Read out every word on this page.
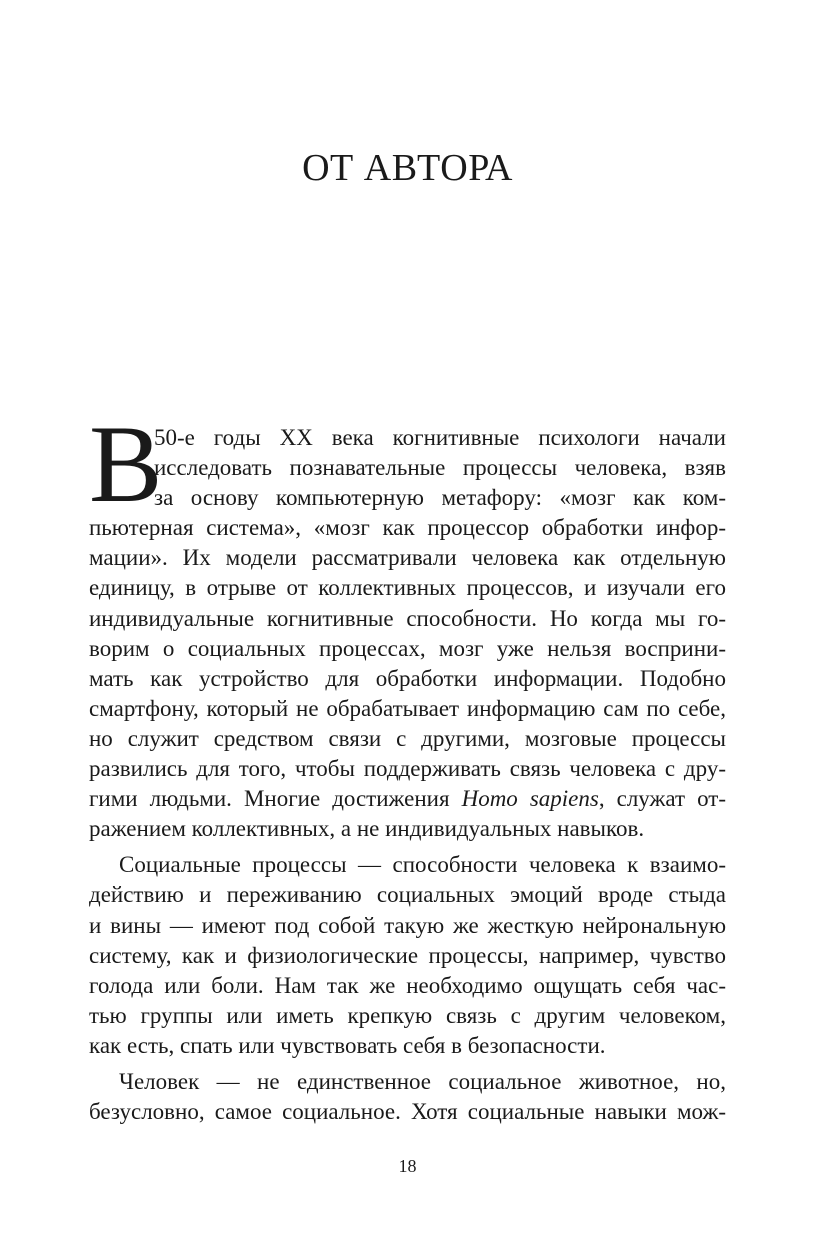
ОТ АВТОРА
В
50-е годы XX века когнитивные психологи начали
исследовать познавательные процессы человека, взяв
за основу компьютерную метафору: «мозг как ком-
пьютерная система», «мозг как процессор обработки инфор-
мации». Их модели рассматривали человека как отдельную
единицу, в отрыве от коллективных процессов, и изучали его
индивидуальные когнитивные способности. Но когда мы го-
ворим о социальных процессах, мозг уже нельзя восприни-
мать как устройство для обработки информации. Подобно
смартфону, который не обрабатывает информацию сам по себе,
но служит средством связи с другими, мозговые процессы
развились для того, чтобы поддерживать связь человека с дру-
гими людьми. Многие достижения Homo sapiens, служат от-
ражением коллективных, а не индивидуальных навыков.
Социальные процессы — способности человека к взаимо-
действию и переживанию социальных эмоций вроде стыда
и вины — имеют под собой такую же жесткую нейрональную
систему, как и физиологические процессы, например, чувство
голода или боли. Нам так же необходимо ощущать себя час-
тью группы или иметь крепкую связь с другим человеком,
как есть, спать или чувствовать себя в безопасности.
Человек — не единственное социальное животное, но,
безусловно, самое социальное. Хотя социальные навыки мож-
18
